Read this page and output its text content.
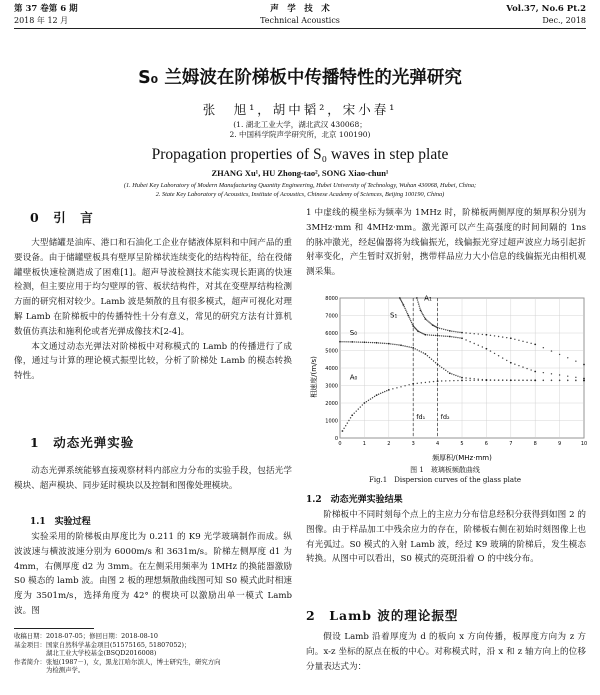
第 37 卷第 6 期
2018 年 12 月
声　学　技　术
Technical Acoustics
Vol.37, No.6 Pt.2
Dec., 2018
S₀ 兰姆波在阶梯板中传播特性的光弹研究
张　旭¹，胡中韬²，宋小春¹
(1. 湖北工业大学，湖北武汉 430068；
2. 中国科学院声学研究所，北京 100190)
Propagation properties of S₀ waves in step plate
ZHANG Xu¹, HU Zhong-tao², SONG Xiao-chun¹
(1. Hubei Key Laboratory of Modern Manufacturing Quantity Engineering, Hubei University of Technology, Wuhan 430068, Hubei, China;
2. State Key Laboratory of Acoustics, Institute of Acoustics, Chinese Academy of Sciences, Beijing 100190, China)
0　引　言

大型储罐是油库、港口和石油化工企业存储液体原料和中间产品的重要设备。由于储罐壁板具有壁厚呈阶梯状连续变化的结构特征，给在役储罐壁板快速检测造成了困难[1]。超声导波检测技术能实现长距离的快速检测，但主要应用于均匀壁厚的管、板状结构件，对其在变壁厚结构检测方面的研究相对较少。Lamb 波是频散的且有很多模式，超声可视化对理解 Lamb 在阶梯板中的传播特性十分有意义，常见的研究方法有计算机数值仿真法和施利伦或者光弹成像技术[2-4]。

本文通过动态光弹法对阶梯板中对称模式的 Lamb 的传播进行了成像，通过与计算的理论模式振型比较，分析了阶梯处 Lamb 的模态转换特性。

1　动态光弹实验

动态光弹系统能够直接观察材料内部应力分布的实验手段，包括光学模块、超声模块、同步延时模块以及控制和图像处理模块。

1.1　实验过程

实验采用的阶梯板由厚度比为 0.211 的 K9 光学玻璃制作而成。纵波波速与横波波速分别为 6000m/s 和 3631m/s。阶梯左侧厚度 d1 为 4mm，右侧厚度 d2 为 3mm。在左侧采用频率为 1MHz 的换能器激励 S0 模态的 lamb 波。由图 2 板的理想频散曲线图可知 S0 模式此时相速度为 3501m/s，选择角度为 42° 的楔块可以激励出单一模式 Lamb 波。图

收稿日期：2018-07-05；修回日期：2018-08-10
基金项目：国家自然科学基金项目(51575165, 51807052)；
　　　　　湖北工业大学校基金(BSQD2016008)
作者简介：张旭(1987－)，女，黑龙江哈尔滨人，博士研究生，研究方向
　　　　　为检测声学。

1 中虚线的模坐标为频率为 1MHz 时，阶梯板两侧厚度的频厚积分别为 3MHz·mm 和 4MHz·mm。激光源可以产生高强度的时间间隔的 1ns 的脉冲激光，经起偏器将为线偏振光，线偏振光穿过超声波应力场引起折射率变化，产生暂时双折射，携带样品应力大小信息的线偏振光由相机观测采集。

fd₁ fd₂
0
1000
2000
3000
4000
5000
6000
7000
8000
0	1	2	3	4	5	6	7	8	9	10
S₀
A₀
S₁
A₁
相速度/(m/s)
频厚积/(MHz·mm)
图 1　玻璃板频散曲线
Fig.1　Dispersion curves of the glass plate
1.2　动态光弹实验结果

阶梯板中不同时刻每个点上的主应力分布信息经积分获得到如图 2 的图像。由于样品加工中残余应力的存在，阶梯板右侧在初始时刻图像上也有光弧过。S0 模式的入射 Lamb 波，经过 K9 玻璃的阶梯后，发生模态转换。从图中可以看出，S0 模式的亮斑沿着 O 的中线分布。

2　Lamb 波的理论振型

假设 Lamb 沿着厚度为 d 的板向 x 方向传播，板厚度方向为 z 方向。x-z 坐标的原点在板的中心。对称模式时，沿 x 和 z 轴方向上的位移分量表达式为：
